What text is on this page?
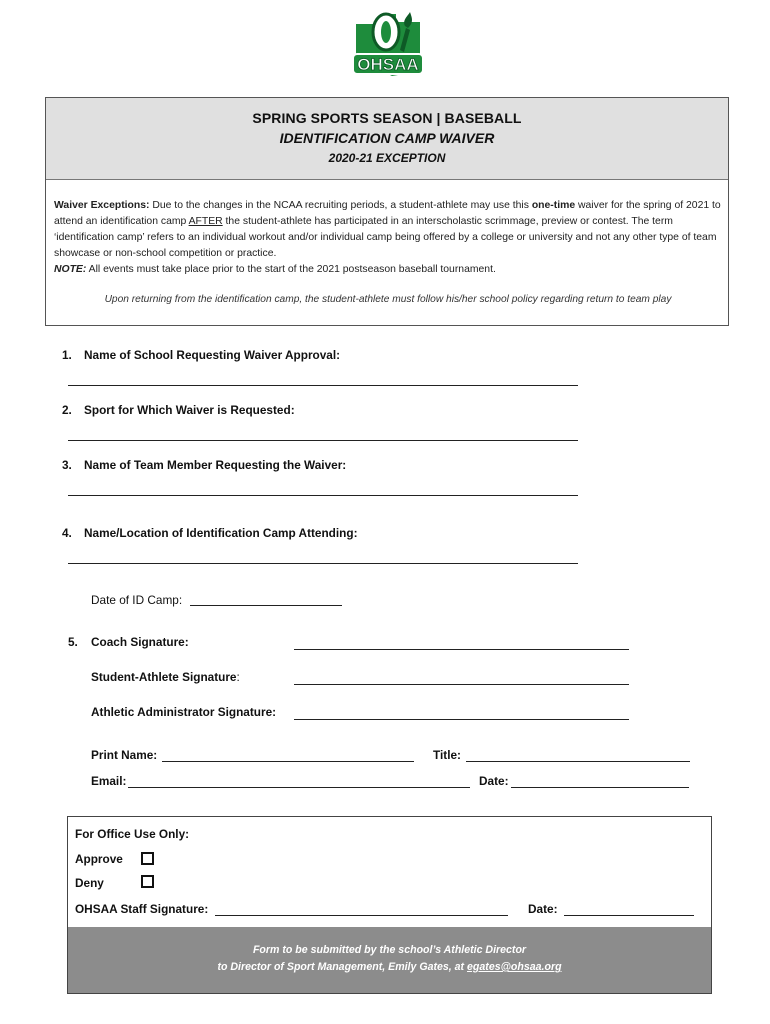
OHSAA
SPRING SPORTS SEASON | BASEBALL
IDENTIFICATION CAMP WAIVER
2020-21 EXCEPTION
Waiver Exceptions: Due to the changes in the NCAA recruiting periods, a student-athlete may use this one-time waiver for the spring of 2021 to attend an identification camp AFTER the student-athlete has participated in an interscholastic scrimmage, preview or contest. The term ‘identification camp’ refers to an individual workout and/or individual camp being offered by a college or university and not any other type of team showcase or non-school competition or practice.
NOTE: All events must take place prior to the start of the 2021 postseason baseball tournament.
Upon returning from the identification camp, the student-athlete must follow his/her school policy regarding return to team play
1. Name of School Requesting Waiver Approval:
2. Sport for Which Waiver is Requested:
3. Name of Team Member Requesting the Waiver:
4. Name/Location of Identification Camp Attending:
Date of ID Camp:
5. Coach Signature:
Student-Athlete Signature:
Athletic Administrator Signature:
Print Name:	Title:
Email:	Date:
For Office Use Only:
Approve
Deny
OHSAA Staff Signature:	Date:
Form to be submitted by the school’s Athletic Director
to Director of Sport Management, Emily Gates, at egates@ohsaa.org
